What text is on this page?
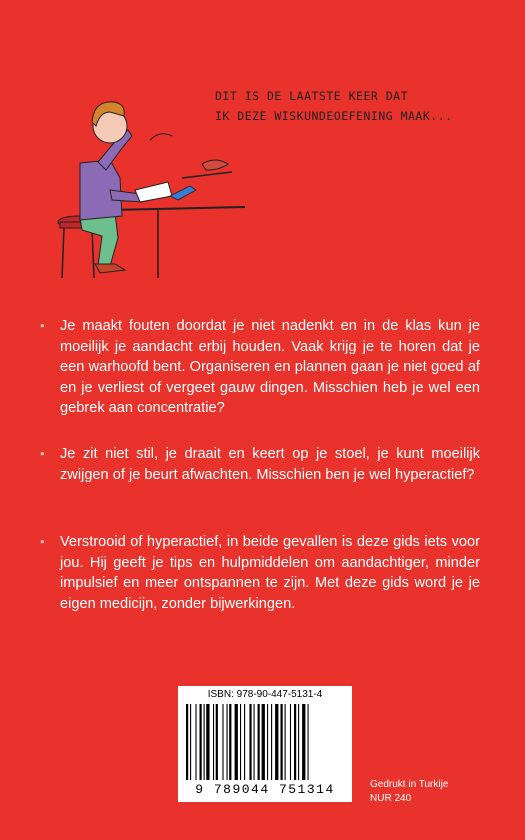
DIT IS DE LAATSTE KEER DAT
IK DEZE WISKUNDEOEFENING MAAK...
•	Je maakt fouten doordat je niet nadenkt en in de klas kun je moeilijk je aandacht erbij houden. Vaak krijg je te horen dat je een warhoofd bent. Organiseren en plannen gaan je niet goed af en je verliest of vergeet gauw dingen. Misschien heb je wel een gebrek aan concentratie?
•	Je zit niet stil, je draait en keert op je stoel, je kunt moeilijk zwijgen of je beurt afwachten. Misschien ben je wel hyperactief?
•	Verstrooid of hyperactief, in beide gevallen is deze gids iets voor jou. Hij geeft je tips en hulpmiddelen om aandachtiger, minder impulsief en meer ontspannen te zijn. Met deze gids word je je eigen medicijn, zonder bijwerkingen.
ISBN: 978-90-447-5131-4
9 789044 751314	Gedrukt in Turkije
NUR 240
